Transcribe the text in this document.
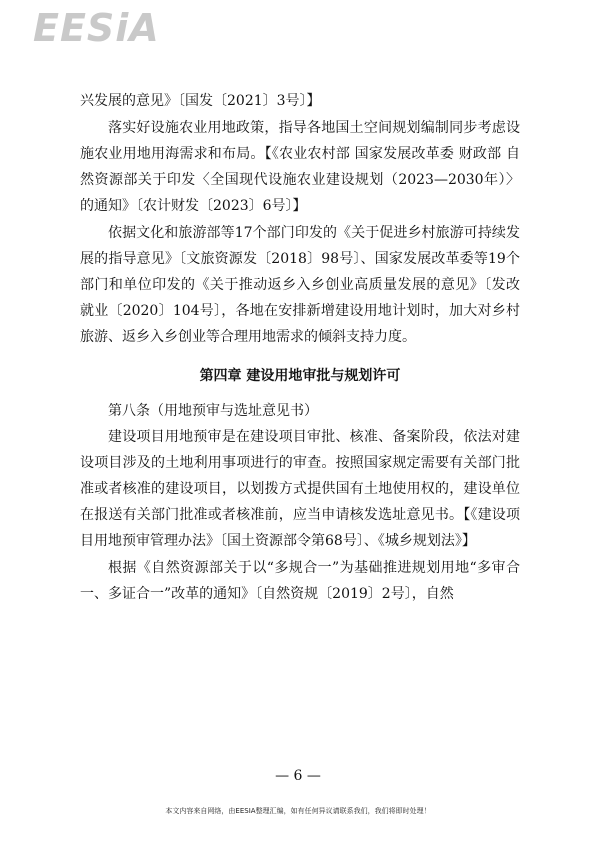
EESiA

兴发展的意见》〔国发〔2021〕3号〕】

落实好设施农业用地政策，指导各地国土空间规划编制同步考虑设施农业用地用海需求和布局。【《农业农村部 国家发展改革委 财政部 自然资源部关于印发〈全国现代设施农业建设规划（2023—2030年）〉的通知》〔农计财发〔2023〕6号〕】

依据文化和旅游部等17个部门印发的《关于促进乡村旅游可持续发展的指导意见》〔文旅资源发〔2018〕98号〕、国家发展改革委等19个部门和单位印发的《关于推动返乡入乡创业高质量发展的意见》〔发改就业〔2020〕104号〕，各地在安排新增建设用地计划时，加大对乡村旅游、返乡入乡创业等合理用地需求的倾斜支持力度。

第四章 建设用地审批与规划许可

第八条（用地预审与选址意见书）

建设项目用地预审是在建设项目审批、核准、备案阶段，依法对建设项目涉及的土地利用事项进行的审查。按照国家规定需要有关部门批准或者核准的建设项目，以划拨方式提供国有土地使用权的，建设单位在报送有关部门批准或者核准前，应当申请核发选址意见书。【《建设项目用地预审管理办法》〔国土资源部令第68号〕、《城乡规划法》】

根据《自然资源部关于以“多规合一”为基础推进规划用地“多审合一、多证合一”改革的通知》〔自然资规〔2019〕2号〕，自然

— 6 —
本文内容来自网络，由EESIA整理汇编，如有任何异议请联系我们，我们将即时处理！
